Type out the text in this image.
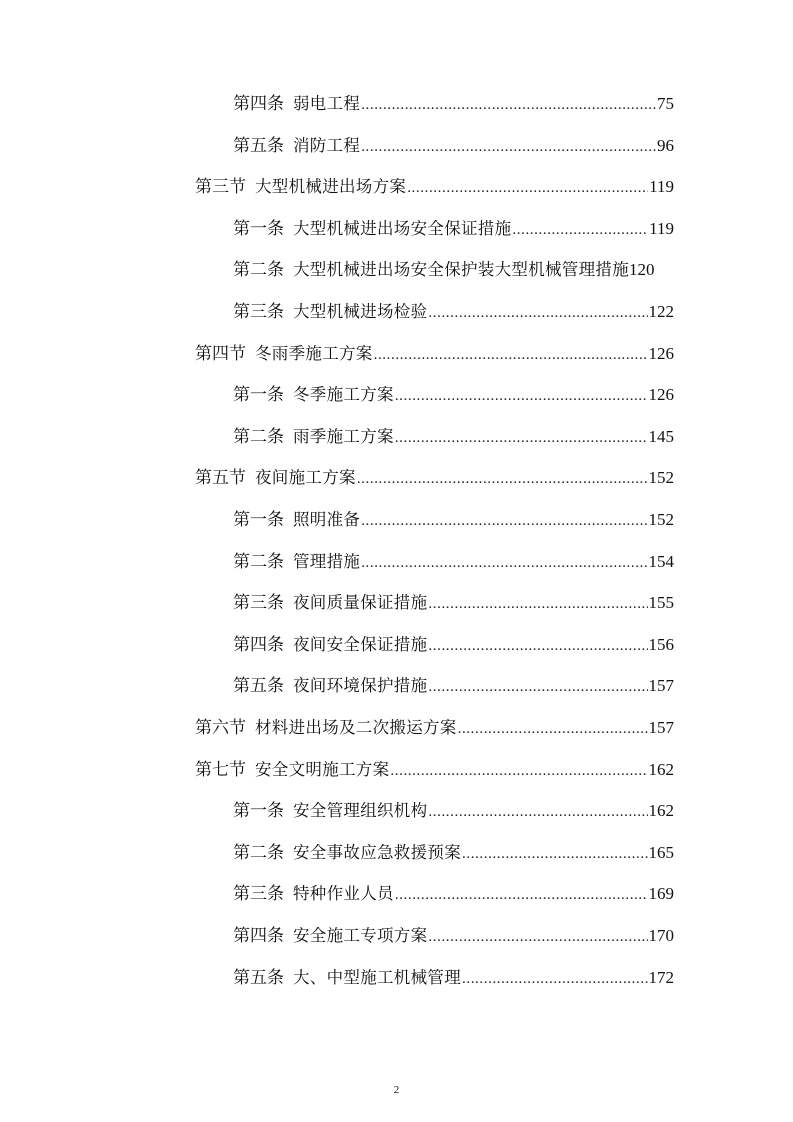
第四条 弱电工程 .....	75
第五条 消防工程 .....	96
第三节 大型机械进出场方案 .....	119
第一条 大型机械进出场安全保证措施 .....	119
第二条 大型机械进出场安全保护装大型机械管理措施 120
第三条 大型机械进场检验 .....	122
第四节 冬雨季施工方案 .....	126
第一条 冬季施工方案 .....	126
第二条 雨季施工方案 .....	145
第五节 夜间施工方案 .....	152
第一条 照明准备 .....	152
第二条 管理措施 .....	154
第三条 夜间质量保证措施 .....	155
第四条 夜间安全保证措施 .....	156
第五条 夜间环境保护措施 .....	157
第六节 材料进出场及二次搬运方案 .....	157
第七节 安全文明施工方案 .....	162
第一条 安全管理组织机构 .....	162
第二条 安全事故应急救援预案 .....	165
第三条 特种作业人员 .....	169
第四条 安全施工专项方案 .....	170
第五条 大、中型施工机械管理 .....	172
2
